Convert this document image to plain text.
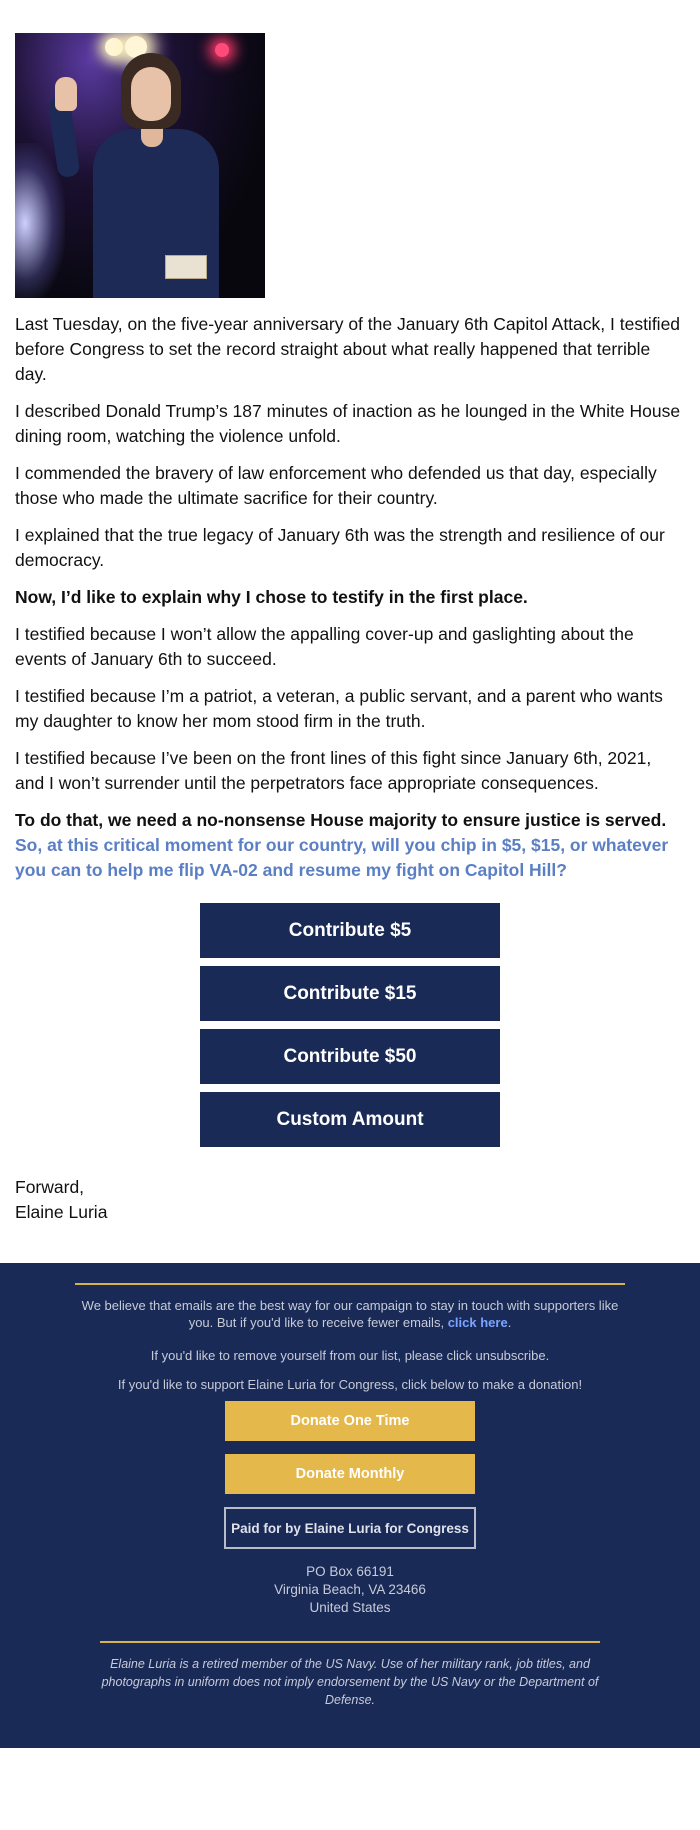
Last Tuesday, on the five-year anniversary of the January 6th Capitol Attack, I testified before Congress to set the record straight about what really happened that terrible day.

I described Donald Trump’s 187 minutes of inaction as he lounged in the White House dining room, watching the violence unfold.

I commended the bravery of law enforcement who defended us that day, especially those who made the ultimate sacrifice for their country.

I explained that the true legacy of January 6th was the strength and resilience of our democracy.

Now, I’d like to explain why I chose to testify in the first place.

I testified because I won’t allow the appalling cover-up and gaslighting about the events of January 6th to succeed.

I testified because I’m a patriot, a veteran, a public servant, and a parent who wants my daughter to know her mom stood firm in the truth.

I testified because I’ve been on the front lines of this fight since January 6th, 2021, and I won’t surrender until the perpetrators face appropriate consequences.

To do that, we need a no-nonsense House majority to ensure justice is served. So, at this critical moment for our country, will you chip in $5, $15, or whatever you can to help me flip VA-02 and resume my fight on Capitol Hill?

Contribute $5
Contribute $15
Contribute $50
Custom Amount
Forward,
Elaine Luria

We believe that emails are the best way for our campaign to stay in touch with supporters like you. But if you'd like to receive fewer emails, click here.

If you'd like to remove yourself from our list, please click unsubscribe.

If you'd like to support Elaine Luria for Congress, click below to make a donation!

Donate One Time
Donate Monthly
Paid for by Elaine Luria for Congress
PO Box 66191
Virginia Beach, VA 23466
United States
Elaine Luria is a retired member of the US Navy. Use of her military rank, job titles, and photographs in uniform does not imply endorsement by the US Navy or the Department of Defense.
